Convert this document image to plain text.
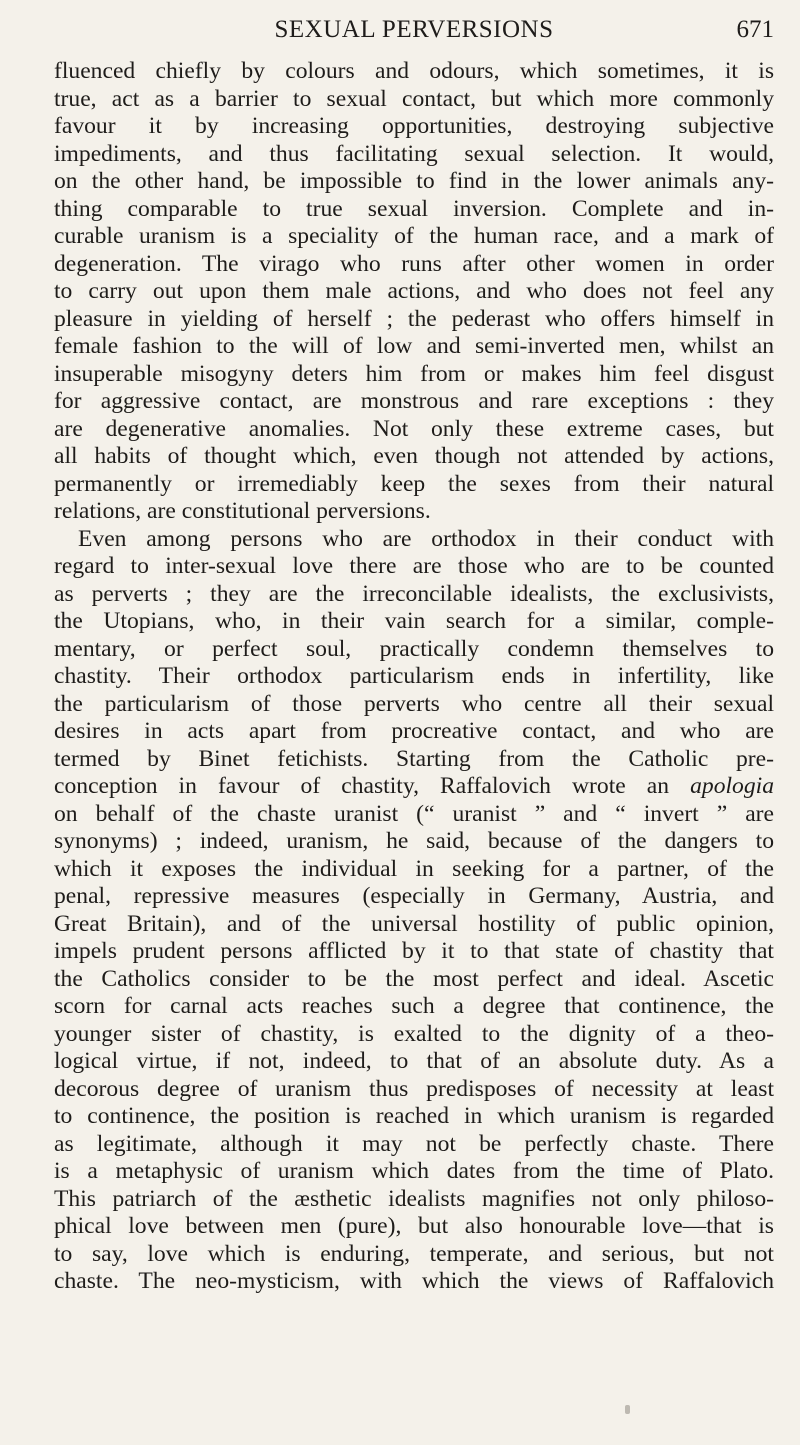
SEXUAL PERVERSIONS	671
fluenced chiefly by colours and odours, which sometimes, it is
true, act as a barrier to sexual contact, but which more commonly
favour it by increasing opportunities, destroying subjective
impediments, and thus facilitating sexual selection. It would,
on the other hand, be impossible to find in the lower animals any-
thing comparable to true sexual inversion. Complete and in-
curable uranism is a speciality of the human race, and a mark of
degeneration. The virago who runs after other women in order
to carry out upon them male actions, and who does not feel any
pleasure in yielding of herself ; the pederast who offers himself in
female fashion to the will of low and semi-inverted men, whilst an
insuperable misogyny deters him from or makes him feel disgust
for aggressive contact, are monstrous and rare exceptions : they
are degenerative anomalies. Not only these extreme cases, but
all habits of thought which, even though not attended by actions,
permanently or irremediably keep the sexes from their natural
relations, are constitutional perversions.
Even among persons who are orthodox in their conduct with
regard to inter-sexual love there are those who are to be counted
as perverts ; they are the irreconcilable idealists, the exclusivists,
the Utopians, who, in their vain search for a similar, comple-
mentary, or perfect soul, practically condemn themselves to
chastity. Their orthodox particularism ends in infertility, like
the particularism of those perverts who centre all their sexual
desires in acts apart from procreative contact, and who are
termed by Binet fetichists. Starting from the Catholic pre-
conception in favour of chastity, Raffalovich wrote an apologia
on behalf of the chaste uranist (“ uranist ” and “ invert ” are
synonyms) ; indeed, uranism, he said, because of the dangers to
which it exposes the individual in seeking for a partner, of the
penal, repressive measures (especially in Germany, Austria, and
Great Britain), and of the universal hostility of public opinion,
impels prudent persons afflicted by it to that state of chastity that
the Catholics consider to be the most perfect and ideal. Ascetic
scorn for carnal acts reaches such a degree that continence, the
younger sister of chastity, is exalted to the dignity of a theo-
logical virtue, if not, indeed, to that of an absolute duty. As a
decorous degree of uranism thus predisposes of necessity at least
to continence, the position is reached in which uranism is regarded
as legitimate, although it may not be perfectly chaste. There
is a metaphysic of uranism which dates from the time of Plato.
This patriarch of the æsthetic idealists magnifies not only philoso-
phical love between men (pure), but also honourable love—that is
to say, love which is enduring, temperate, and serious, but not
chaste. The neo-mysticism, with which the views of Raffalovich
